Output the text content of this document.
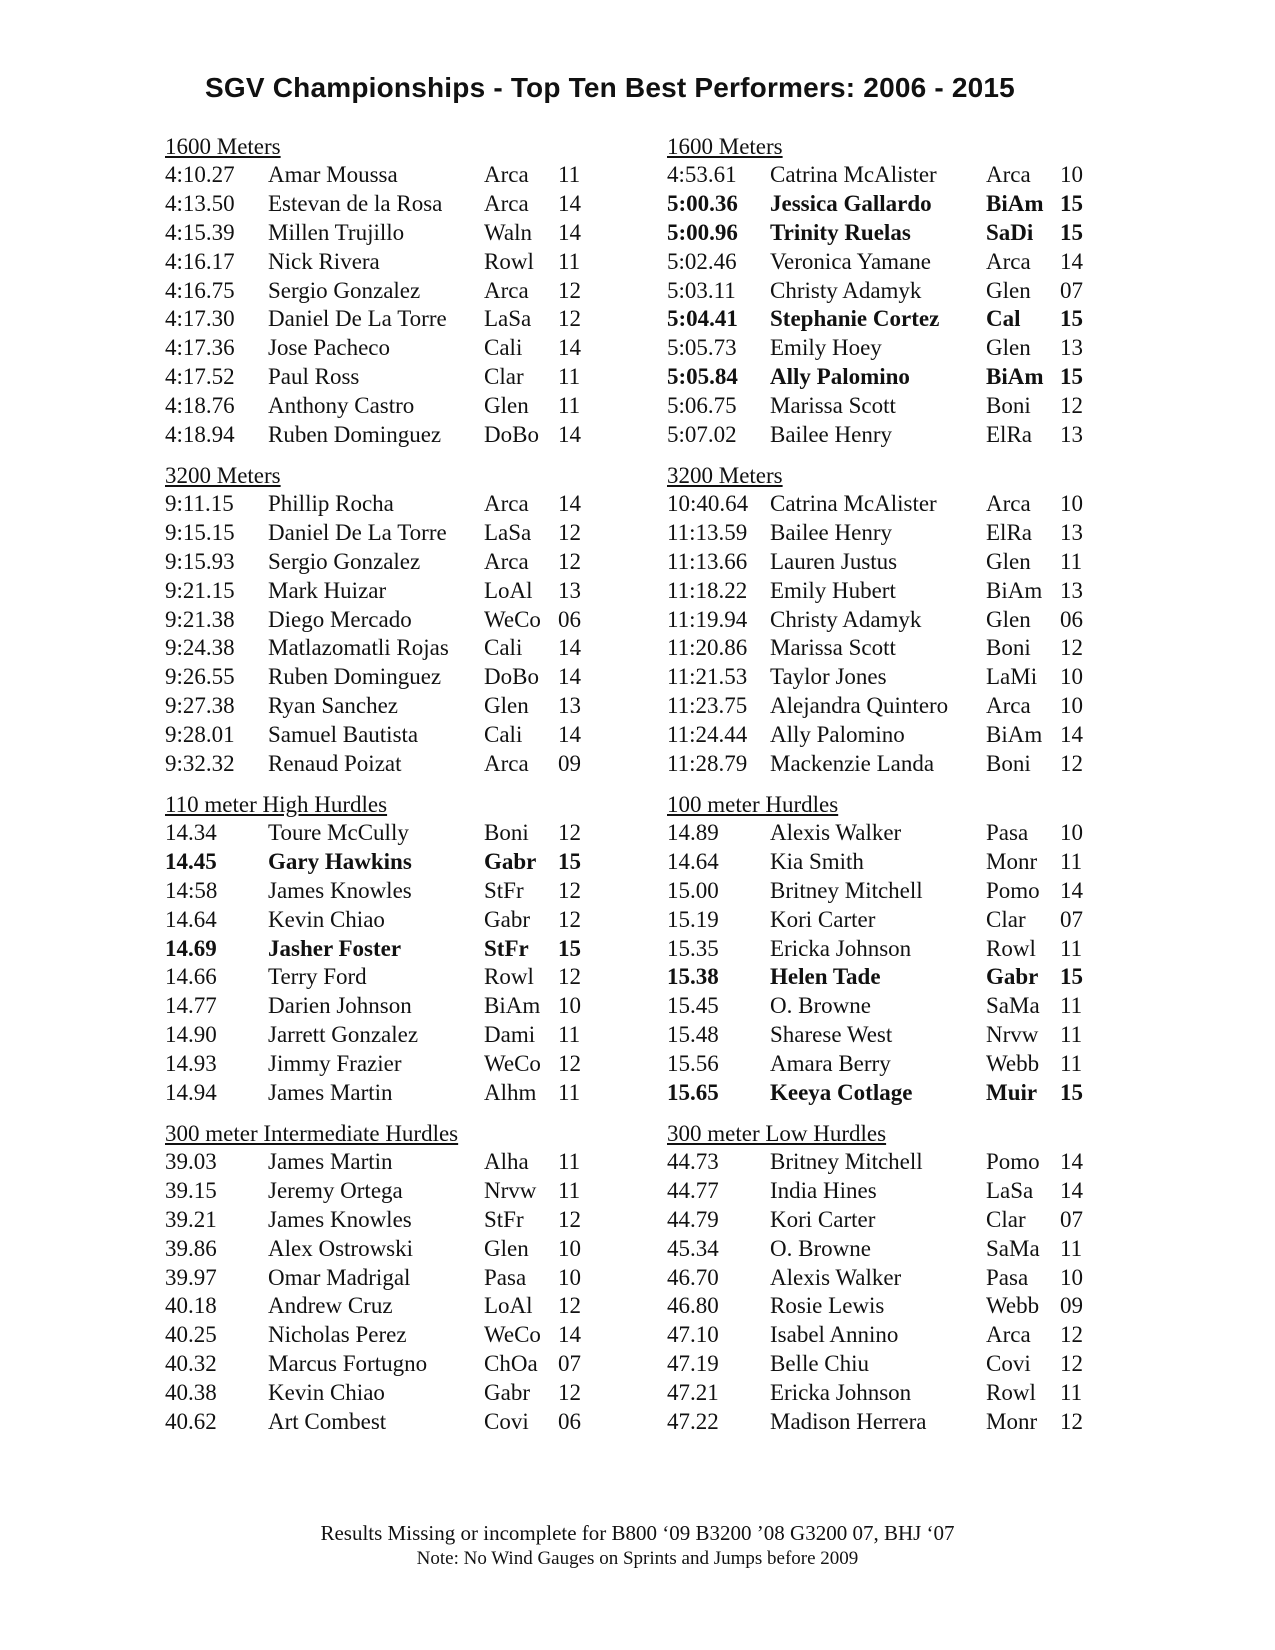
SGV Championships - Top Ten Best Performers: 2006 - 2015
1600 Meters
4:10.27	Amar Moussa	Arca	11
4:13.50	Estevan de la Rosa	Arca	14
4:15.39	Millen Trujillo	Waln	14
4:16.17	Nick Rivera	Rowl	11
4:16.75	Sergio Gonzalez	Arca	12
4:17.30	Daniel De La Torre	LaSa	12
4:17.36	Jose Pacheco	Cali	14
4:17.52	Paul Ross	Clar	11
4:18.76	Anthony Castro	Glen	11
4:18.94	Ruben Dominguez	DoBo 14
3200 Meters
9:11.15	Phillip Rocha	Arca	14
9:15.15	Daniel De La Torre	LaSa	12
9:15.93	Sergio Gonzalez	Arca	12
9:21.15	Mark Huizar	LoAl	13
9:21.38	Diego Mercado	WeCo 06
9:24.38	Matlazomatli Rojas	Cali	14
9:26.55	Ruben Dominguez	DoBo 14
9:27.38	Ryan Sanchez	Glen	13
9:28.01	Samuel Bautista	Cali	14
9:32.32	Renaud Poizat	Arca	09
110 meter High Hurdles
14.34	Toure McCully	Boni	12
14.45	Gary Hawkins	Gabr 15
14:58	James Knowles	StFr	12
14.64	Kevin Chiao	Gabr	12
14.69	Jasher Foster	StFr	15
14.66	Terry Ford	Rowl	12
14.77	Darien Johnson	BiAm 10
14.90	Jarrett Gonzalez	Dami 11
14.93	Jimmy Frazier	WeCo 12
14.94	James Martin	Alhm 11
300 meter Intermediate Hurdles
39.03	James Martin	Alha	11
39.15	Jeremy Ortega	Nrvw 11
39.21	James Knowles	StFr	12
39.86	Alex Ostrowski	Glen	10
39.97	Omar Madrigal	Pasa	10
40.18	Andrew Cruz	LoAl	12
40.25	Nicholas Perez	WeCo 14
40.32	Marcus Fortugno	ChOa 07
40.38	Kevin Chiao	Gabr	12
40.62	Art Combest	Covi	06
1600 Meters
4:53.61	Catrina McAlister	Arca	10
5:00.36	Jessica Gallardo	BiAm 15
5:00.96	Trinity Ruelas	SaDi	15
5:02.46	Veronica Yamane	Arca	14
5:03.11	Christy Adamyk	Glen	07
5:04.41	Stephanie Cortez	Cal	15
5:05.73	Emily Hoey	Glen	13
5:05.84	Ally Palomino	BiAm 15
5:06.75	Marissa Scott	Boni	12
5:07.02	Bailee Henry	ElRa	13
3200 Meters
10:40.64 Catrina McAlister	Arca	10
11:13.59 Bailee Henry	ElRa	13
11:13.66 Lauren Justus	Glen	11
11:18.22 Emily Hubert	BiAm 13
11:19.94 Christy Adamyk	Glen	06
11:20.86 Marissa Scott	Boni	12
11:21.53 Taylor Jones	LaMi 10
11:23.75 Alejandra Quintero	Arca	10
11:24.44 Ally Palomino	BiAm 14
11:28.79 Mackenzie Landa	Boni	12
100 meter Hurdles
14.89	Alexis Walker	Pasa	10
14.64	Kia Smith	Monr 11
15.00	Britney Mitchell	Pomo 14
15.19	Kori Carter	Clar	07
15.35	Ericka Johnson	Rowl	11
15.38	Helen Tade	Gabr 15
15.45	O. Browne	SaMa 11
15.48	Sharese West	Nrvw 11
15.56	Amara Berry	Webb 11
15.65	Keeya Cotlage	Muir 15
300 meter Low Hurdles
44.73	Britney Mitchell	Pomo 14
44.77	India Hines	LaSa	14
44.79	Kori Carter	Clar	07
45.34	O. Browne	SaMa 11
46.70	Alexis Walker	Pasa	10
46.80	Rosie Lewis	Webb 09
47.10	Isabel Annino	Arca	12
47.19	Belle Chiu	Covi	12
47.21	Ericka Johnson	Rowl	11
47.22	Madison Herrera	Monr 12
Results Missing or incomplete for B800 ‘09 B3200 ’08 G3200 07, BHJ ‘07
Note: No Wind Gauges on Sprints and Jumps before 2009
